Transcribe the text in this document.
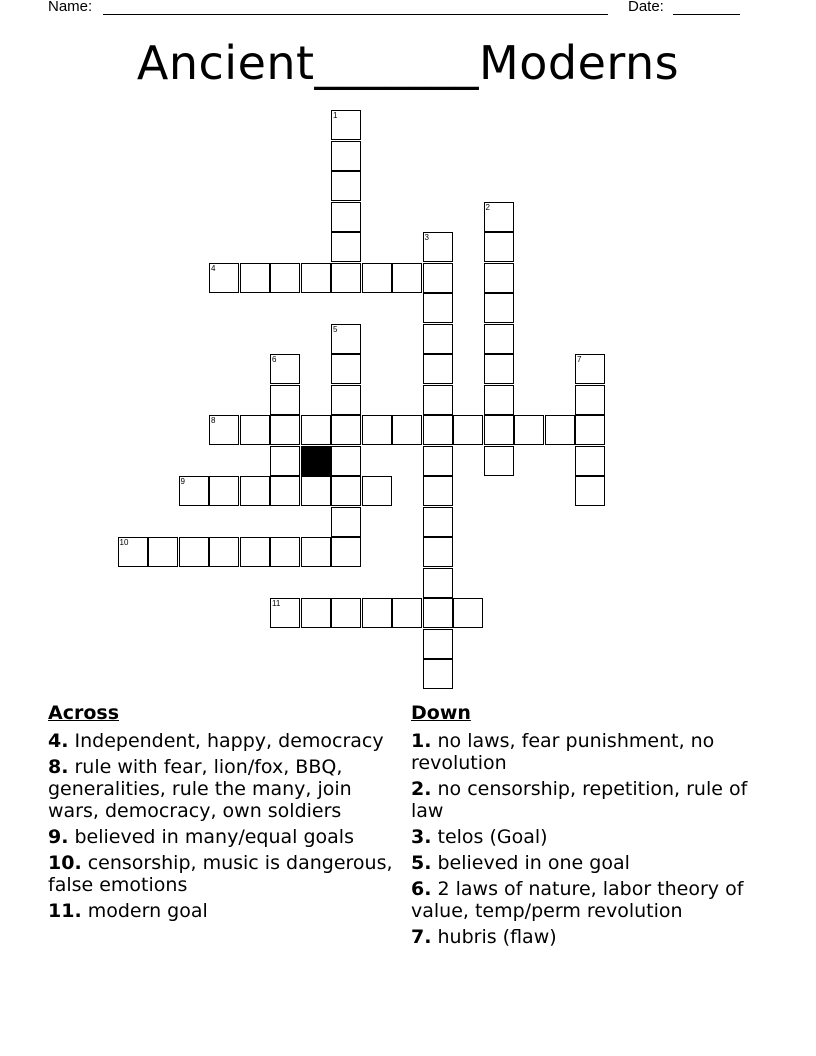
Name:	Date:
Ancient_______Moderns
4
8
9
10
11
1
2
3
5
6	7
Across
4. Independent, happy, democracy
8. rule with fear, lion/fox, BBQ, generalities, rule the many, join wars, democracy, own soldiers
9. believed in many/equal goals
10. censorship, music is dangerous, false emotions
11. modern goal
Down
1. no laws, fear punishment, no revolution
2. no censorship, repetition, rule of law
3. telos (Goal)
5. believed in one goal
6. 2 laws of nature, labor theory of value, temp/perm revolution
7. hubris (flaw)
